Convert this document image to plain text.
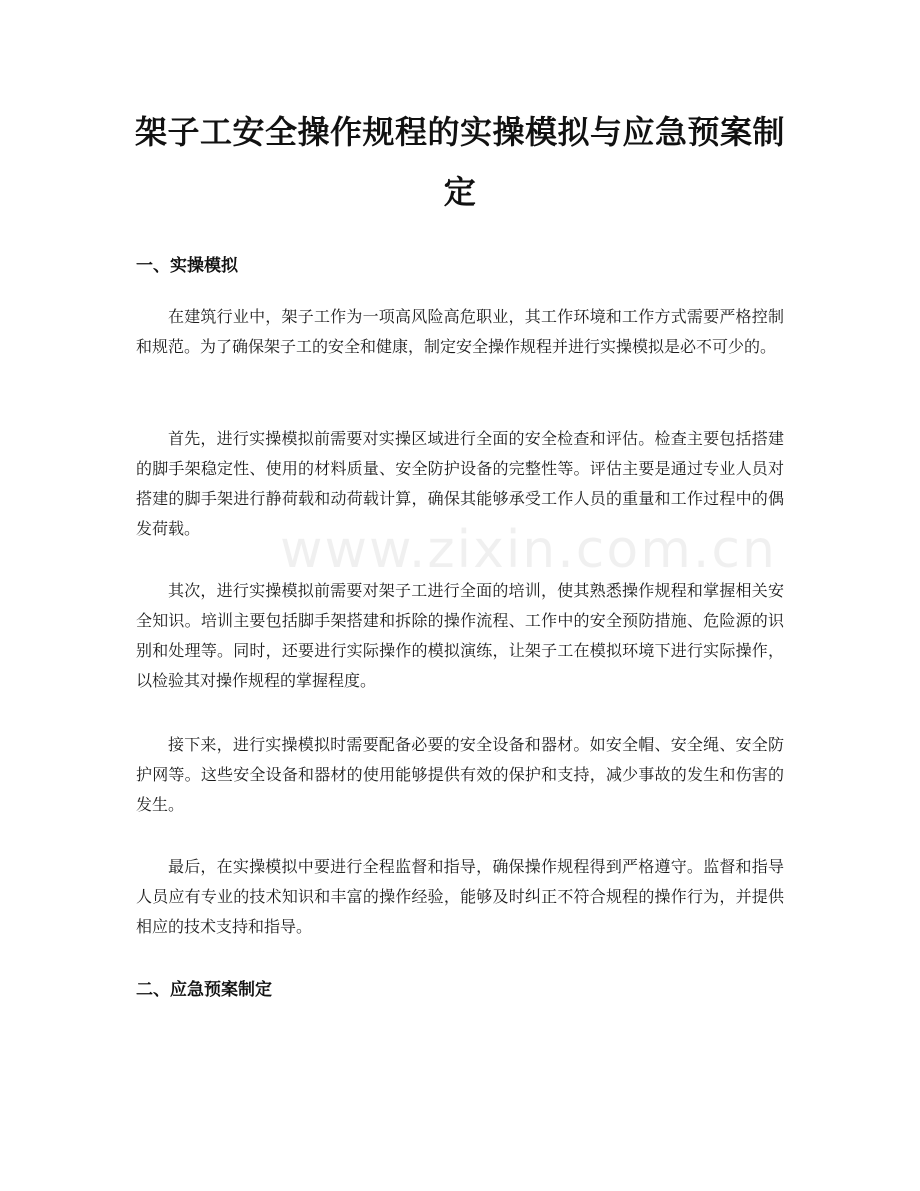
www.zixin.com.cn
架子工安全操作规程的实操模拟与应急预案制定
一、实操模拟

在建筑行业中，架子工作为一项高风险高危职业，其工作环境和工作方式需要严格控制和规范。为了确保架子工的安全和健康，制定安全操作规程并进行实操模拟是必不可少的。

首先，进行实操模拟前需要对实操区域进行全面的安全检查和评估。检查主要包括搭建的脚手架稳定性、使用的材料质量、安全防护设备的完整性等。评估主要是通过专业人员对搭建的脚手架进行静荷载和动荷载计算，确保其能够承受工作人员的重量和工作过程中的偶发荷载。

其次，进行实操模拟前需要对架子工进行全面的培训，使其熟悉操作规程和掌握相关安全知识。培训主要包括脚手架搭建和拆除的操作流程、工作中的安全预防措施、危险源的识别和处理等。同时，还要进行实际操作的模拟演练，让架子工在模拟环境下进行实际操作，以检验其对操作规程的掌握程度。

接下来，进行实操模拟时需要配备必要的安全设备和器材。如安全帽、安全绳、安全防护网等。这些安全设备和器材的使用能够提供有效的保护和支持，减少事故的发生和伤害的发生。

最后，在实操模拟中要进行全程监督和指导，确保操作规程得到严格遵守。监督和指导人员应有专业的技术知识和丰富的操作经验，能够及时纠正不符合规程的操作行为，并提供相应的技术支持和指导。

二、应急预案制定
